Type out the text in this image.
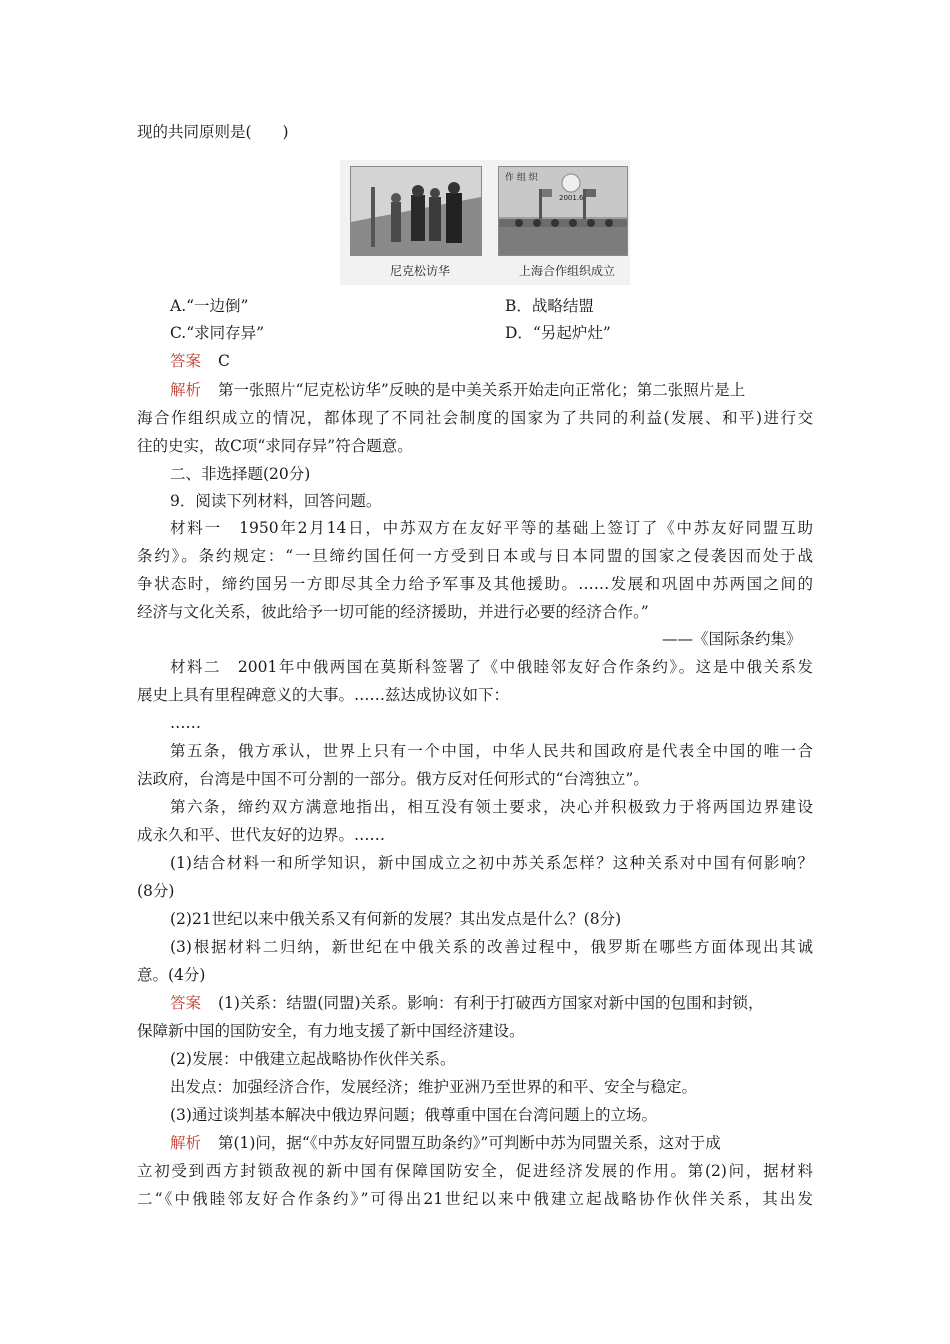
现的共同原则是(　　)
作 组 织
2001.6
尼克松访华	上海合作组织成立
A.“一边倒”	B．战略结盟
C.“求同存异”	D．“另起炉灶”
答案 C
解析 第一张照片“尼克松访华”反映的是中美关系开始走向正常化；第二张照片是上
海合作组织成立的情况，都体现了不同社会制度的国家为了共同的利益(发展、和平)进行交
往的史实，故C项“求同存异”符合题意。
二、非选择题(20分)
9．阅读下列材料，回答问题。
材料一　1950年2月14日，中苏双方在友好平等的基础上签订了《中苏友好同盟互助
条约》。条约规定：“一旦缔约国任何一方受到日本或与日本同盟的国家之侵袭因而处于战
争状态时，缔约国另一方即尽其全力给予军事及其他援助。……发展和巩固中苏两国之间的
经济与文化关系，彼此给予一切可能的经济援助，并进行必要的经济合作。”
——《国际条约集》
材料二　2001年中俄两国在莫斯科签署了《中俄睦邻友好合作条约》。这是中俄关系发
展史上具有里程碑意义的大事。……兹达成协议如下：
……
第五条，俄方承认，世界上只有一个中国，中华人民共和国政府是代表全中国的唯一合
法政府，台湾是中国不可分割的一部分。俄方反对任何形式的“台湾独立”。
第六条，缔约双方满意地指出，相互没有领土要求，决心并积极致力于将两国边界建设
成永久和平、世代友好的边界。……
(1)结合材料一和所学知识，新中国成立之初中苏关系怎样？这种关系对中国有何影响？
(8分)
(2)21世纪以来中俄关系又有何新的发展？其出发点是什么？(8分)
(3)根据材料二归纳，新世纪在中俄关系的改善过程中，俄罗斯在哪些方面体现出其诚
意。(4分)
答案 (1)关系：结盟(同盟)关系。影响：有利于打破西方国家对新中国的包围和封锁，
保障新中国的国防安全，有力地支援了新中国经济建设。
(2)发展：中俄建立起战略协作伙伴关系。
出发点：加强经济合作，发展经济；维护亚洲乃至世界的和平、安全与稳定。
(3)通过谈判基本解决中俄边界问题；俄尊重中国在台湾问题上的立场。
解析 第(1)问，据“《中苏友好同盟互助条约》”可判断中苏为同盟关系，这对于成
立初受到西方封锁敌视的新中国有保障国防安全，促进经济发展的作用。第(2)问，据材料
二“《中俄睦邻友好合作条约》”可得出21世纪以来中俄建立起战略协作伙伴关系，其出发
